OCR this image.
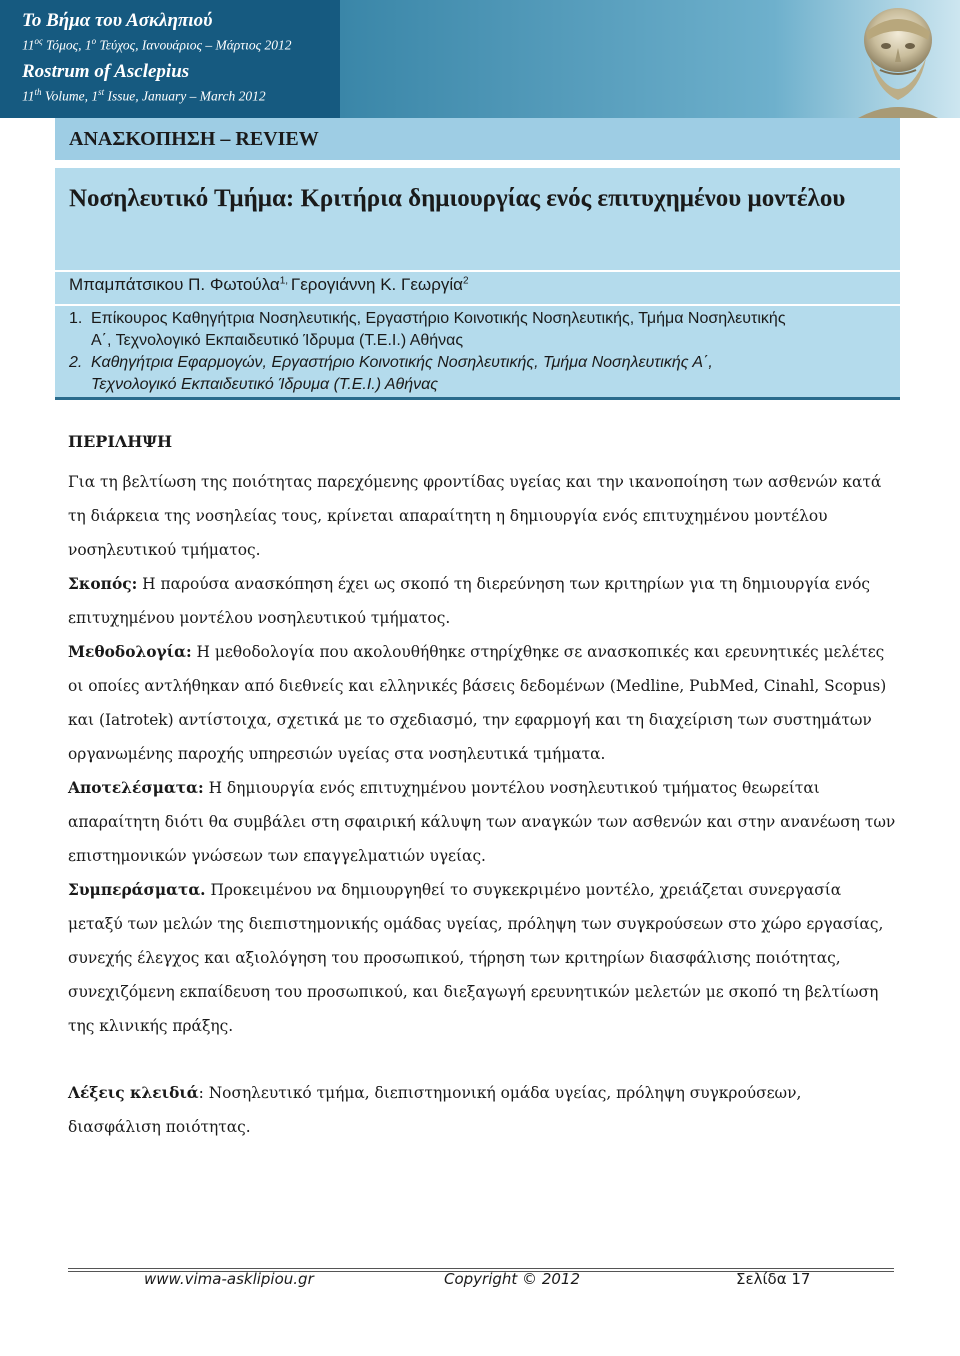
Το Βήμα του Ασκληπιού
$11^{o\varsigma}$ Τόμος, $1^o$ Τεύχος, Ιανουάριος – Μάρτιος 2012
Rostrum of Asclepius
11th Volume, 1st Issue, January – March 2012
ΑΝΑΣΚΟΠΗΣΗ – REVIEW
Νοσηλευτικό Τμήμα: Κριτήρια δημιουργίας ενός επιτυχημένου μοντέλου
Μπαμπάτσικου Π. Φωτούλα$^{1,}$ Γερογιάννη Κ. Γεωργία$^2$
1. Επίκουρος Καθηγήτρια Νοσηλευτικής, Εργαστήριο Κοινοτικής Νοσηλευτικής, Τμήμα Νοσηλευτικής
Α΄, Τεχνολογικό Εκπαιδευτικό Ίδρυμα (Τ.Ε.Ι.) Αθήνας
2. Καθηγήτρια Εφαρμογών, Εργαστήριο Κοινοτικής Νοσηλευτικής, Τμήμα Νοσηλευτικής Α΄,
Τεχνολογικό Εκπαιδευτικό Ίδρυμα (Τ.Ε.Ι.) Αθήνας
ΠΕΡΙΛΗΨΗ

Για τη βελτίωση της ποιότητας παρεχόμενης φροντίδας υγείας και την ικανοποίηση των ασθενών κατά τη διάρκεια της νοσηλείας τους, κρίνεται απαραίτητη η δημιουργία ενός επιτυχημένου μοντέλου νοσηλευτικού τμήματος.

Σκοπός: Η παρούσα ανασκόπηση έχει ως σκοπό τη διερεύνηση των κριτηρίων για τη δημιουργία ενός επιτυχημένου μοντέλου νοσηλευτικού τμήματος.

Μεθοδολογία: Η μεθοδολογία που ακολουθήθηκε στηρίχθηκε σε ανασκοπικές και ερευνητικές μελέτες οι οποίες αντλήθηκαν από διεθνείς και ελληνικές βάσεις δεδομένων (Medline, PubMed, Cinahl, Scopus) και (Iatrotek) αντίστοιχα, σχετικά με το σχεδιασμό, την εφαρμογή και τη διαχείριση των συστημάτων οργανωμένης παροχής υπηρεσιών υγείας στα νοσηλευτικά τμήματα.

Αποτελέσματα: Η δημιουργία ενός επιτυχημένου μοντέλου νοσηλευτικού τμήματος θεωρείται απαραίτητη διότι θα συμβάλει στη σφαιρική κάλυψη των αναγκών των ασθενών και στην ανανέωση των επιστημονικών γνώσεων των επαγγελματιών υγείας.

Συμπεράσματα. Προκειμένου να δημιουργηθεί το συγκεκριμένο μοντέλο, χρειάζεται συνεργασία μεταξύ των μελών της διεπιστημονικής ομάδας υγείας, πρόληψη των συγκρούσεων στο χώρο εργασίας, συνεχής έλεγχος και αξιολόγηση του προσωπικού, τήρηση των κριτηρίων διασφάλισης ποιότητας, συνεχιζόμενη εκπαίδευση του προσωπικού, και διεξαγωγή ερευνητικών μελετών με σκοπό τη βελτίωση της κλινικής πράξης.

Λέξεις κλειδιά: Νοσηλευτικό τμήμα, διεπιστημονική ομάδα υγείας, πρόληψη συγκρούσεων, διασφάλιση ποιότητας.
www.vima-asklipiou.gr	Copyright © 2012	Σελίδα 17
